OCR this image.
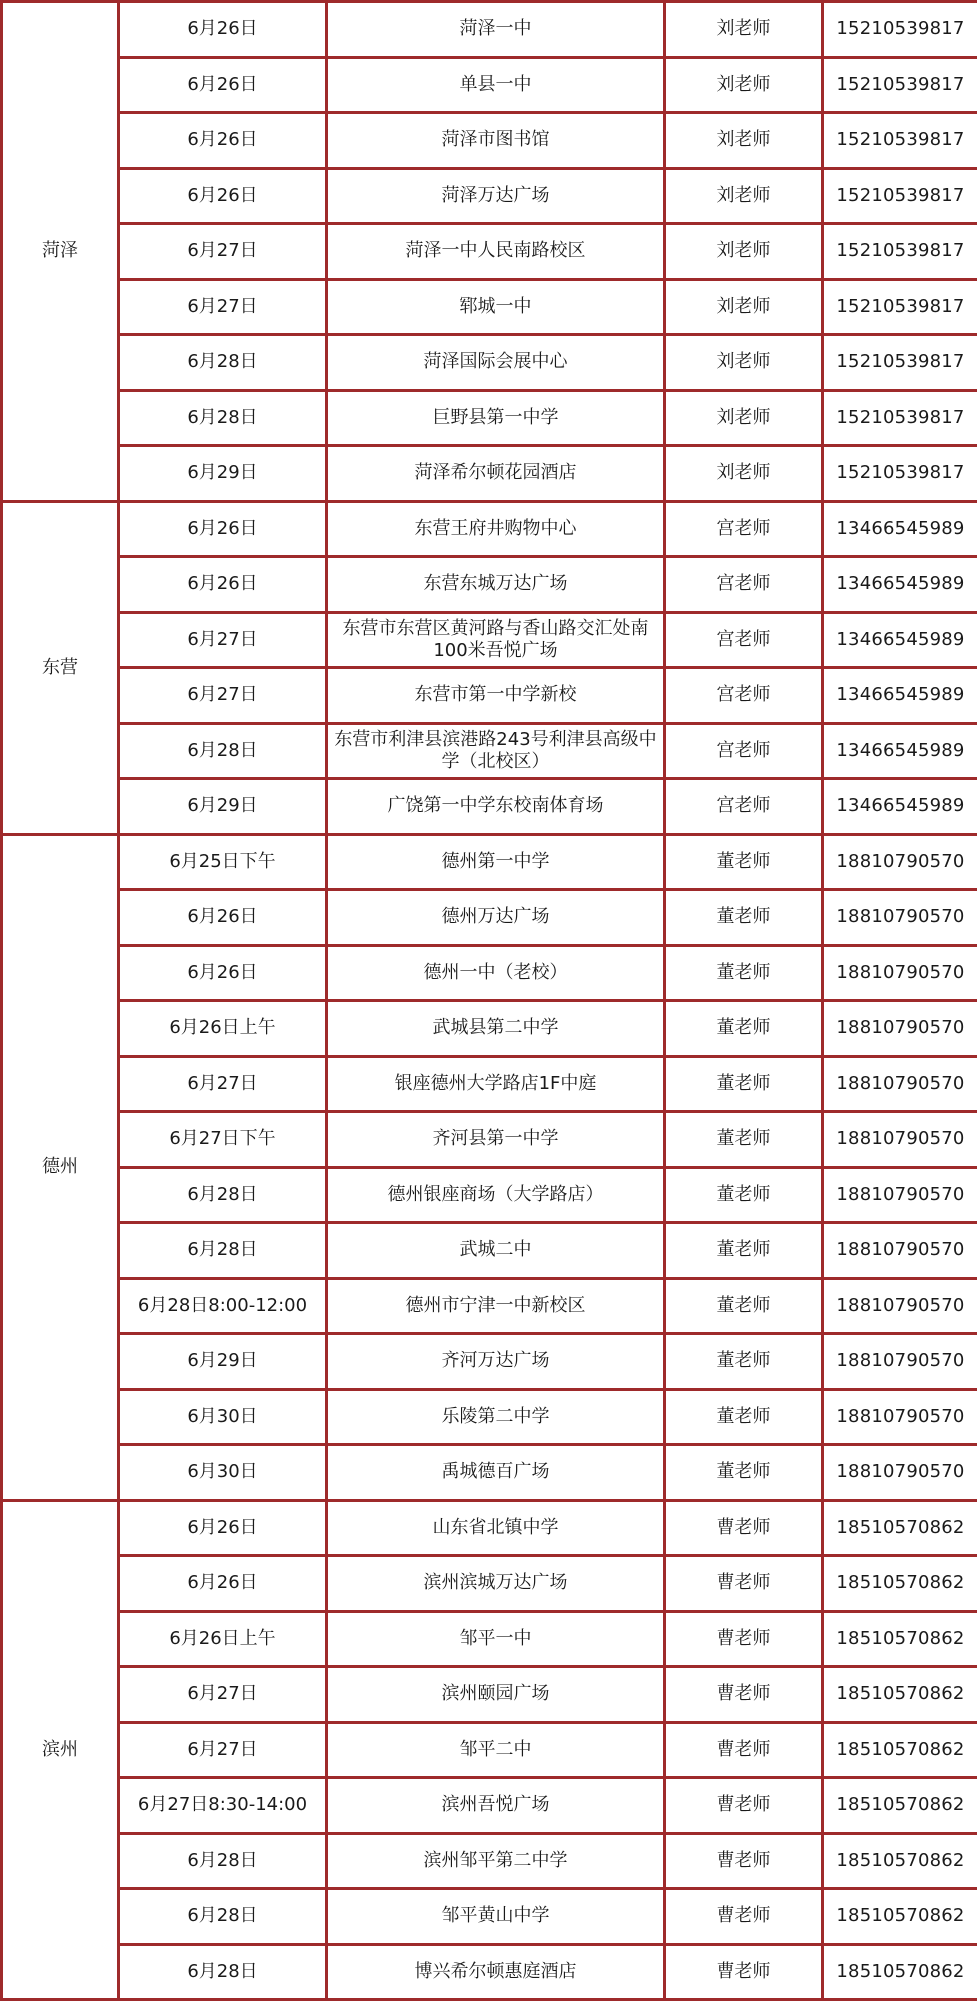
菏泽	6月26日	菏泽一中	刘老师	15210539817
	6月26日	单县一中	刘老师	15210539817
	6月26日	菏泽市图书馆	刘老师	15210539817
	6月26日	菏泽万达广场	刘老师	15210539817
	6月27日	菏泽一中人民南路校区	刘老师	15210539817
	6月27日	郓城一中	刘老师	15210539817
	6月28日	菏泽国际会展中心	刘老师	15210539817
	6月28日	巨野县第一中学	刘老师	15210539817
	6月29日	菏泽希尔顿花园酒店	刘老师	15210539817
东营	6月26日	东营王府井购物中心	宫老师	13466545989
	6月26日	东营东城万达广场	宫老师	13466545989
	6月27日	东营市东营区黄河路与香山路交汇处南100米吾悦广场	宫老师	13466545989
	6月27日	东营市第一中学新校	宫老师	13466545989
	6月28日	东营市利津县滨港路243号利津县高级中学（北校区）	宫老师	13466545989
	6月29日	广饶第一中学东校南体育场	宫老师	13466545989
德州	6月25日下午	德州第一中学	董老师	18810790570
	6月26日	德州万达广场	董老师	18810790570
	6月26日	德州一中（老校）	董老师	18810790570
	6月26日上午	武城县第二中学	董老师	18810790570
	6月27日	银座德州大学路店1F中庭	董老师	18810790570
	6月27日下午	齐河县第一中学	董老师	18810790570
	6月28日	德州银座商场（大学路店）	董老师	18810790570
	6月28日	武城二中	董老师	18810790570
	6月28日8:00-12:00	德州市宁津一中新校区	董老师	18810790570
	6月29日	齐河万达广场	董老师	18810790570
	6月30日	乐陵第二中学	董老师	18810790570
	6月30日	禹城德百广场	董老师	18810790570
滨州	6月26日	山东省北镇中学	曹老师	18510570862
	6月26日	滨州滨城万达广场	曹老师	18510570862
	6月26日上午	邹平一中	曹老师	18510570862
	6月27日	滨州颐园广场	曹老师	18510570862
	6月27日	邹平二中	曹老师	18510570862
	6月27日8:30-14:00	滨州吾悦广场	曹老师	18510570862
	6月28日	滨州邹平第二中学	曹老师	18510570862
	6月28日	邹平黄山中学	曹老师	18510570862
	6月28日	博兴希尔顿惠庭酒店	曹老师	18510570862
